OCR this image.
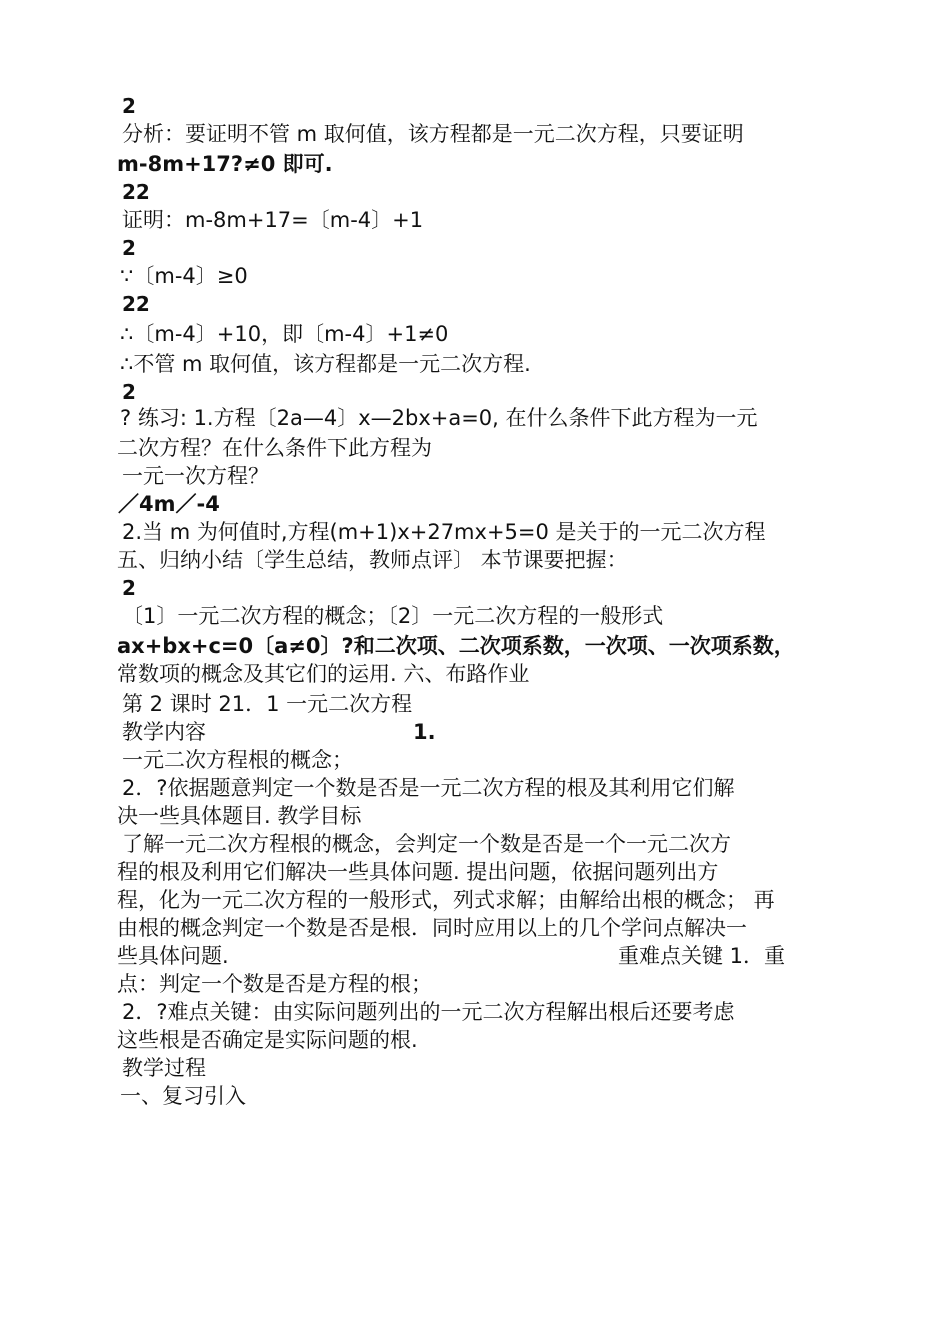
2
分析：要证明不管 m 取何值，该方程都是一元二次方程，只要证明
m-8m+17?≠0 即可.
22
证明：m-8m+17=〔m-4〕+1
2
∵〔m-4〕≥0
22
∴〔m-4〕+10，即〔m-4〕+1≠0
∴不管 m 取何值，该方程都是一元二次方程.
2
? 练习: 1.方程〔2a—4〕x—2bx+a=0, 在什么条件下此方程为一元
二次方程？在什么条件下此方程为
一元一次方程？
／4m／-4
2.当 m 为何值时,方程(m+1)x+27mx+5=0 是关于的一元二次方程
五、归纳小结〔学生总结，教师点评〕 本节课要把握：
2
〔1〕一元二次方程的概念；〔2〕一元二次方程的一般形式
ax+bx+c=0〔a≠0〕?和二次项、二次项系数，一次项、一次项系数，
常数项的概念及其它们的运用. 六、布路作业
第 2 课时 21．1 一元二次方程
教学内容	1.
一元二次方程根的概念；
2．?依据题意判定一个数是否是一元二次方程的根及其利用它们解
决一些具体题目. 教学目标
了解一元二次方程根的概念，会判定一个数是否是一个一元二次方
程的根及利用它们解决一些具体问题. 提出问题，依据问题列出方
程，化为一元二次方程的一般形式，列式求解；由解给出根的概念； 再
由根的概念判定一个数是否是根．同时应用以上的几个学问点解决一
些具体问题.	重难点关键 1．重
点：判定一个数是否是方程的根；
2．?难点关键：由实际问题列出的一元二次方程解出根后还要考虑
这些根是否确定是实际问题的根.
教学过程
一、复习引入
